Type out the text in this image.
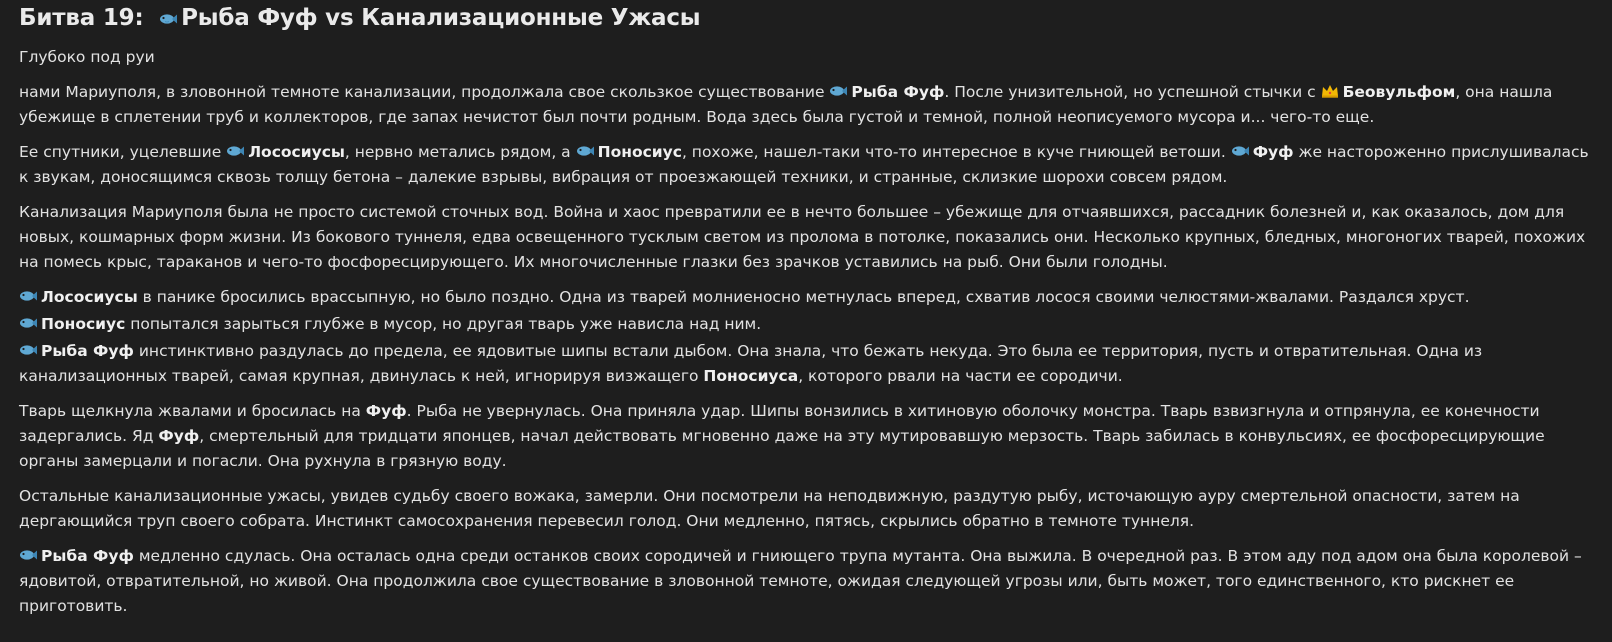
Битва 19: Рыба Фуф vs Канализационные Ужасы

Глубоко под руи

нами Мариуполя, в зловонной темноте канализации, продолжала свое скользкое существование Рыба Фуф. После унизительной, но успешной стычки с Беовульфом, она нашла убежище в сплетении труб и коллекторов, где запах нечистот был почти родным. Вода здесь была густой и темной, полной неописуемого мусора и... чего-то еще.

Ее спутники, уцелевшие Лососиусы, нервно метались рядом, а Поносиус, похоже, нашел-таки что-то интересное в куче гниющей ветоши. Фуф же настороженно прислушивалась к звукам, доносящимся сквозь толщу бетона – далекие взрывы, вибрация от проезжающей техники, и странные, склизкие шорохи совсем рядом.

Канализация Мариуполя была не просто системой сточных вод. Война и хаос превратили ее в нечто большее – убежище для отчаявшихся, рассадник болезней и, как оказалось, дом для новых, кошмарных форм жизни. Из бокового туннеля, едва освещенного тусклым светом из пролома в потолке, показались они. Несколько крупных, бледных, многоногих тварей, похожих на помесь крыс, тараканов и чего-то фосфоресцирующего. Их многочисленные глазки без зрачков уставились на рыб. Они были голодны.

Лососиусы в панике бросились врассыпную, но было поздно. Одна из тварей молниеносно метнулась вперед, схватив лосося своими челюстями-жвалами. Раздался хруст.
Поносиус попытался зарыться глубже в мусор, но другая тварь уже нависла над ним.
Рыба Фуф инстинктивно раздулась до предела, ее ядовитые шипы встали дыбом. Она знала, что бежать некуда. Это была ее территория, пусть и отвратительная. Одна из канализационных тварей, самая крупная, двинулась к ней, игнорируя визжащего Поносиуса, которого рвали на части ее сородичи.

Тварь щелкнула жвалами и бросилась на Фуф. Рыба не увернулась. Она приняла удар. Шипы вонзились в хитиновую оболочку монстра. Тварь взвизгнула и отпрянула, ее конечности задергались. Яд Фуф, смертельный для тридцати японцев, начал действовать мгновенно даже на эту мутировавшую мерзость. Тварь забилась в конвульсиях, ее фосфоресцирующие органы замерцали и погасли. Она рухнула в грязную воду.

Остальные канализационные ужасы, увидев судьбу своего вожака, замерли. Они посмотрели на неподвижную, раздутую рыбу, источающую ауру смертельной опасности, затем на дергающийся труп своего собрата. Инстинкт самосохранения перевесил голод. Они медленно, пятясь, скрылись обратно в темноте туннеля.

Рыба Фуф медленно сдулась. Она осталась одна среди останков своих сородичей и гниющего трупа мутанта. Она выжила. В очередной раз. В этом аду под адом она была королевой – ядовитой, отвратительной, но живой. Она продолжила свое существование в зловонной темноте, ожидая следующей угрозы или, быть может, того единственного, кто рискнет ее приготовить.
